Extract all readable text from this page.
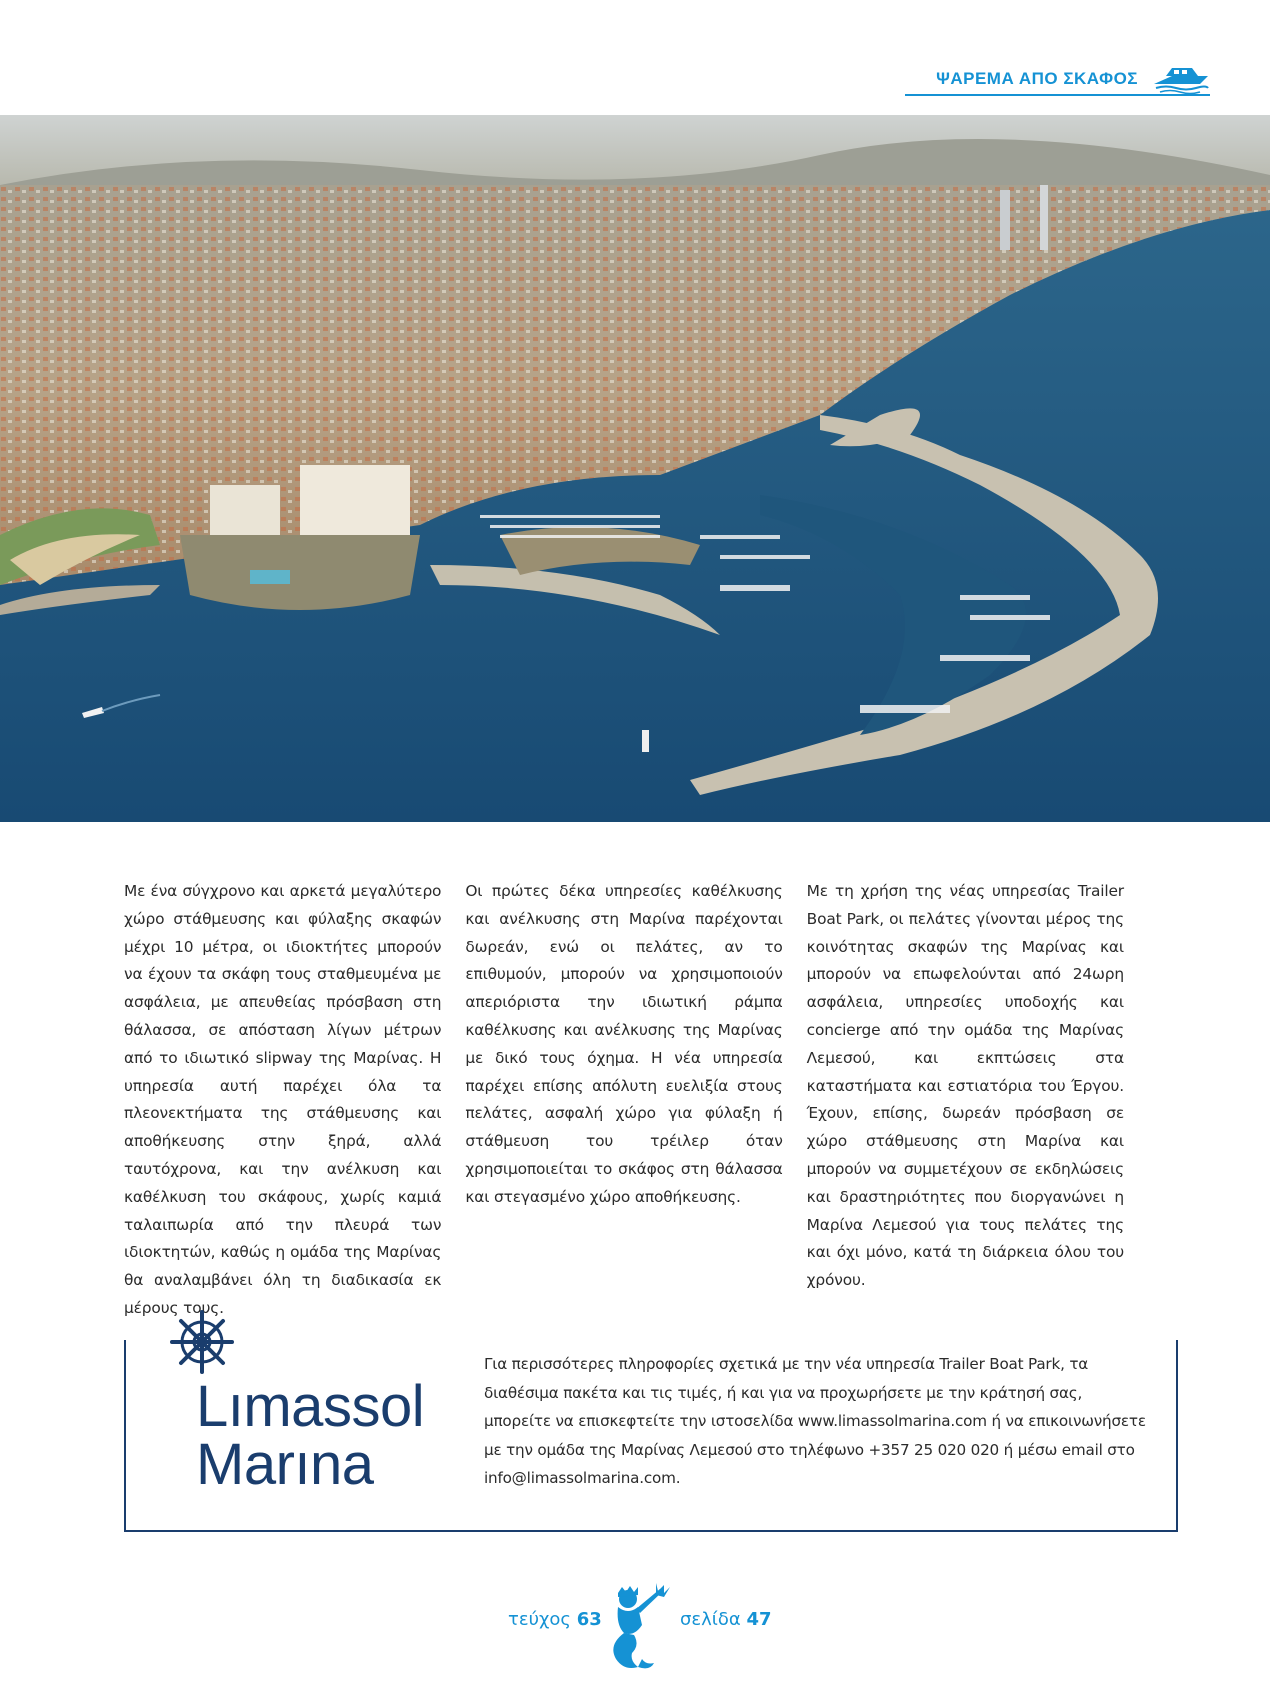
ΨΑΡΕΜΑ ΑΠΟ ΣΚΑΦΟΣ
Με ένα σύγχρονο και αρκετά μεγαλύτερο χώρο στάθμευσης και φύλαξης σκαφών μέχρι 10 μέτρα, οι ιδιοκτήτες μπορούν να έχουν τα σκάφη τους σταθμευμένα με ασφάλεια, με απευθείας πρόσβαση στη θάλασσα, σε απόσταση λίγων μέτρων από το ιδιωτικό slipway της Μαρίνας. Η υπηρεσία αυτή παρέχει όλα τα πλεονεκτήματα της στάθμευσης και αποθήκευσης στην ξηρά, αλλά ταυτόχρονα, και την ανέλκυση και καθέλκυση του σκάφους, χωρίς καμιά ταλαιπωρία από την πλευρά των ιδιοκτητών, καθώς η ομάδα της Μαρίνας θα αναλαμβάνει όλη τη διαδικασία εκ μέρους τους.
Οι πρώτες δέκα υπηρεσίες καθέλκυσης και ανέλκυσης στη Μαρίνα παρέχονται δωρεάν, ενώ οι πελάτες, αν το επιθυμούν, μπορούν να χρησιμοποιούν απεριόριστα την ιδιωτική ράμπα καθέλκυσης και ανέλκυσης της Μαρίνας με δικό τους όχημα. Η νέα υπηρεσία παρέχει επίσης απόλυτη ευελιξία στους πελάτες, ασφαλή χώρο για φύλαξη ή στάθμευση του τρέιλερ όταν χρησιμοποιείται το σκάφος στη θάλασσα και στεγασμένο χώρο αποθήκευσης.
Με τη χρήση της νέας υπηρεσίας Trailer Boat Park, οι πελάτες γίνονται μέρος της κοινότητας σκαφών της Μαρίνας και μπορούν να επωφελούνται από 24ωρη ασφάλεια, υπηρεσίες υποδοχής και concierge από την ομάδα της Μαρίνας Λεμεσού, και εκπτώσεις στα καταστήματα και εστιατόρια του Έργου. Έχουν, επίσης, δωρεάν πρόσβαση σε χώρο στάθμευσης στη Μαρίνα και μπορούν να συμμετέχουν σε εκδηλώσεις και δραστηριότητες που διοργανώνει η Μαρίνα Λεμεσού για τους πελάτες της και όχι μόνο, κατά τη διάρκεια όλου του χρόνου.
Lımassol
Marına
Για περισσότερες πληροφορίες σχετικά με την νέα υπηρεσία Trailer Boat Park, τα διαθέσιμα πακέτα και τις τιμές, ή και για να προχωρήσετε με την κράτησή σας, μπορείτε να επισκεφτείτε την ιστοσελίδα www.limassolmarina.com ή να επικοινωνήσετε με την ομάδα της Μαρίνας Λεμεσού στο τηλέφωνο +357 25 020 020 ή μέσω email στο info@limassolmarina.com.
τεύχος 63	σελίδα 47
